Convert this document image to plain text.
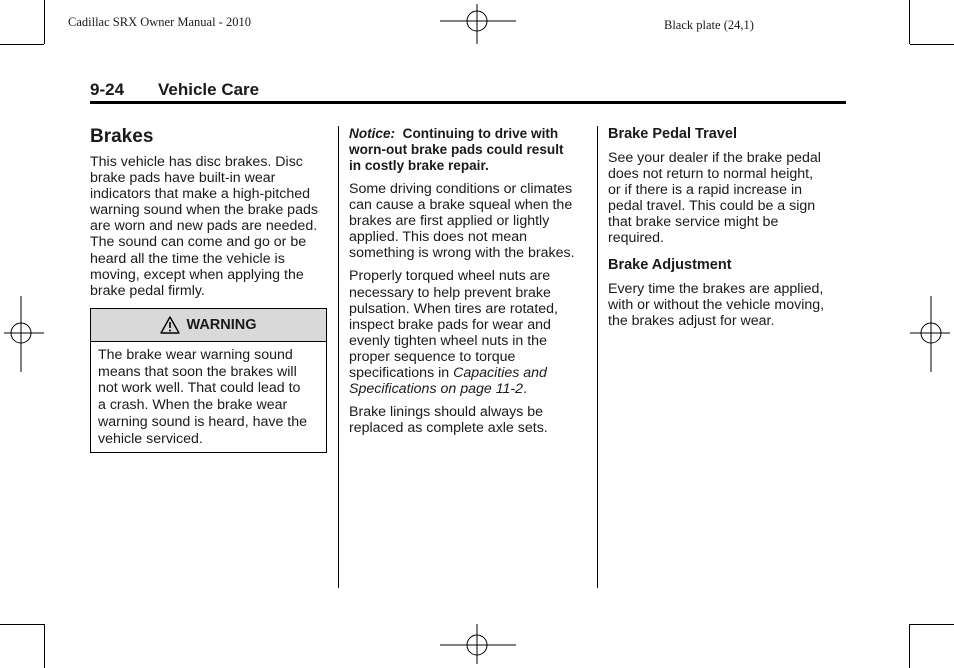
Cadillac SRX Owner Manual - 2010	Black plate (24,1)
9-24 Vehicle Care
Brakes
This vehicle has disc brakes. Disc
brake pads have built-in wear
indicators that make a high-pitched
warning sound when the brake pads
are worn and new pads are needed.
The sound can come and go or be
heard all the time the vehicle is
moving, except when applying the
brake pedal firmly.
WARNING
The brake wear warning sound
means that soon the brakes will
not work well. That could lead to
a crash. When the brake wear
warning sound is heard, have the
vehicle serviced.
Notice: Continuing to drive with
worn-out brake pads could result
in costly brake repair.
Some driving conditions or climates
can cause a brake squeal when the
brakes are first applied or lightly
applied. This does not mean
something is wrong with the brakes.
Properly torqued wheel nuts are
necessary to help prevent brake
pulsation. When tires are rotated,
inspect brake pads for wear and
evenly tighten wheel nuts in the
proper sequence to torque
specifications in Capacities and
Specifications on page 11-2.
Brake linings should always be
replaced as complete axle sets.
Brake Pedal Travel
See your dealer if the brake pedal
does not return to normal height,
or if there is a rapid increase in
pedal travel. This could be a sign
that brake service might be
required.
Brake Adjustment
Every time the brakes are applied,
with or without the vehicle moving,
the brakes adjust for wear.
